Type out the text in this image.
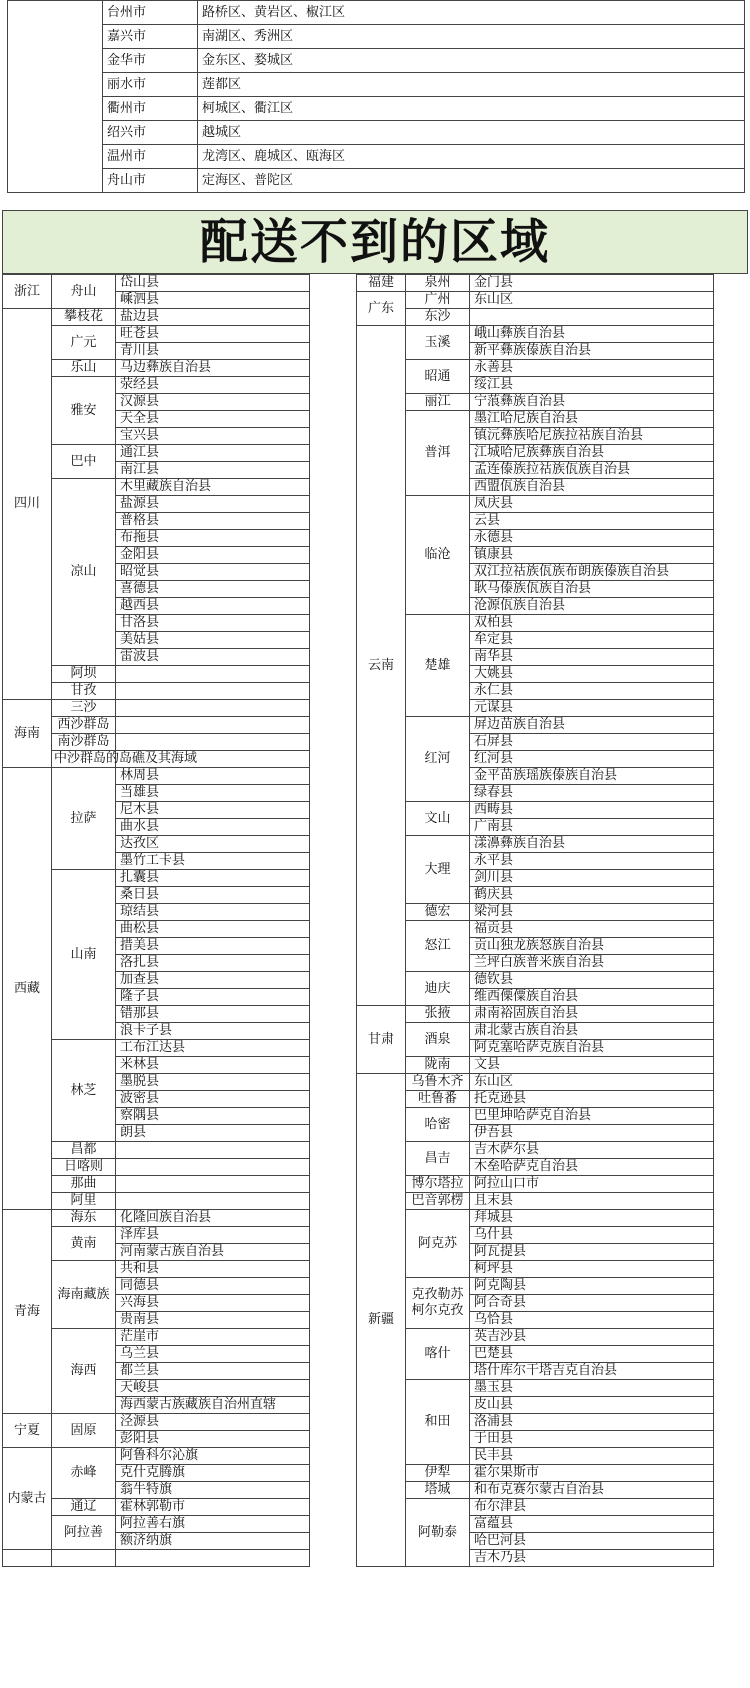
	台州市	路桥区、黄岩区、椒江区
	嘉兴市	南湖区、秀洲区
	金华市	金东区、婺城区
	丽水市	莲都区
	衢州市	柯城区、衢江区
	绍兴市	越城区
	温州市	龙湾区、鹿城区、瓯海区
	舟山市	定海区、普陀区
配送不到的区域
浙江	舟山	岱山县
		嵊泗县
四川	攀枝花	盐边县
	广元	旺苍县
		青川县
	乐山	马边彝族自治县
	雅安	荥经县
		汉源县
		天全县
		宝兴县
	巴中	通江县
		南江县
	凉山	木里藏族自治县
		盐源县
		普格县
		布拖县
		金阳县
		昭觉县
		喜德县
		越西县
		甘洛县
		美姑县
		雷波县
	阿坝	
	甘孜	
海南	三沙	
	西沙群岛	
	南沙群岛	
	中沙群岛的岛礁及其海域	
西藏	拉萨	林周县
		当雄县
		尼木县
		曲水县
		达孜区
		墨竹工卡县
	山南	扎囊县
		桑日县
		琼结县
		曲松县
		措美县
		洛扎县
		加查县
		隆子县
		错那县
		浪卡子县
	林芝	工布江达县
		米林县
		墨脱县
		波密县
		察隅县
		朗县
	昌都	
	日喀则	
	那曲	
	阿里	
青海	海东	化隆回族自治县
	黄南	泽库县
		河南蒙古族自治县
	海南藏族	共和县
		同德县
		兴海县
		贵南县
	海西	茫崖市
		乌兰县
		都兰县
		天峻县
		海西蒙古族藏族自治州直辖
宁夏	固原	泾源县
		彭阳县
内蒙古	赤峰	阿鲁科尔沁旗
		克什克腾旗
		翁牛特旗
	通辽	霍林郭勒市
	阿拉善	阿拉善右旗
		额济纳旗

福建	泉州	金门县
广东	广州	东山区
	东沙	
云南	玉溪	峨山彝族自治县
		新平彝族傣族自治县
	昭通	永善县
		绥江县
	丽江	宁蒗彝族自治县
	普洱	墨江哈尼族自治县
		镇沅彝族哈尼族拉祜族自治县
		江城哈尼族彝族自治县
		孟连傣族拉祜族佤族自治县
		西盟佤族自治县
	临沧	凤庆县
		云县
		永德县
		镇康县
		双江拉祜族佤族布朗族傣族自治县
		耿马傣族佤族自治县
		沧源佤族自治县
	楚雄	双柏县
		牟定县
		南华县
		大姚县
		永仁县
		元谋县
	红河	屏边苗族自治县
		石屏县
		红河县
		金平苗族瑶族傣族自治县
		绿春县
	文山	西畴县
		广南县
	大理	漾濞彝族自治县
		永平县
		剑川县
		鹤庆县
	德宏	梁河县
	怒江	福贡县
		贡山独龙族怒族自治县
		兰坪白族普米族自治县
	迪庆	德钦县
		维西傈僳族自治县
甘肃	张掖	肃南裕固族自治县
	酒泉	肃北蒙古族自治县
		阿克塞哈萨克族自治县
	陇南	文县
新疆	乌鲁木齐	东山区
	吐鲁番	托克逊县
	哈密	巴里坤哈萨克自治县
		伊吾县
	昌吉	吉木萨尔县
		木垒哈萨克自治县
	博尔塔拉	阿拉山口市
	巴音郭楞	且末县
	阿克苏	拜城县
		乌什县
		阿瓦提县
		柯坪县
	克孜勒苏柯尔克孜	阿克陶县
		阿合奇县
		乌恰县
	喀什	英吉沙县
		巴楚县
		塔什库尔干塔吉克自治县
	和田	墨玉县
		皮山县
		洛浦县
		于田县
		民丰县
	伊犁	霍尔果斯市
	塔城	和布克赛尔蒙古自治县
	阿勒泰	布尔津县
		富蕴县
		哈巴河县
		吉木乃县
